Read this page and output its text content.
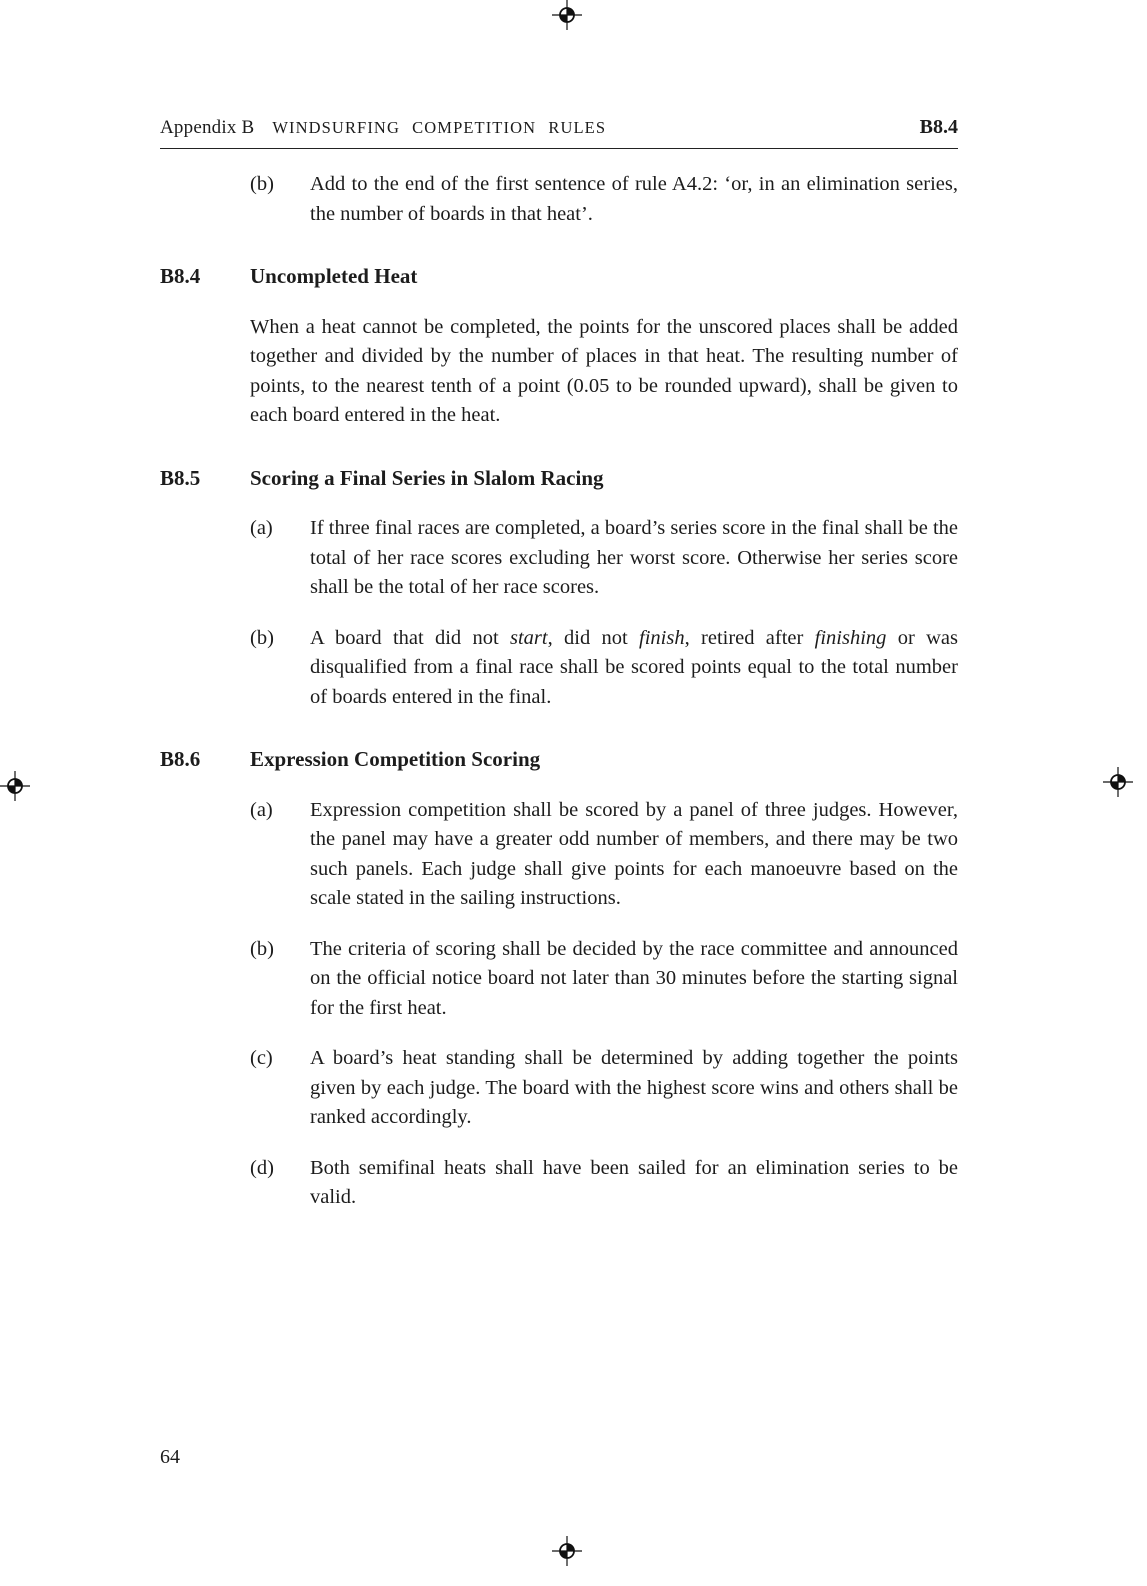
Appendix B WINDSURFING COMPETITION RULES	B8.4
(b)	Add to the end of the first sentence of rule A4.2: ‘or, in an elimination series, the number of boards in that heat’.
B8.4	Uncompleted Heat

When a heat cannot be completed, the points for the unscored places shall be added together and divided by the number of places in that heat. The resulting number of points, to the nearest tenth of a point (0.05 to be rounded upward), shall be given to each board entered in the heat.

B8.5	Scoring a Final Series in Slalom Racing
(a)	If three final races are completed, a board’s series score in the final shall be the total of her race scores excluding her worst score. Otherwise her series score shall be the total of her race scores.
(b)	A board that did not start, did not finish, retired after finishing or was disqualified from a final race shall be scored points equal to the total number of boards entered in the final.
B8.6	Expression Competition Scoring
(a)	Expression competition shall be scored by a panel of three judges. However, the panel may have a greater odd number of members, and there may be two such panels. Each judge shall give points for each manoeuvre based on the scale stated in the sailing instructions.
(b)	The criteria of scoring shall be decided by the race committee and announced on the official notice board not later than 30 minutes before the starting signal for the first heat.
(c)	A board’s heat standing shall be determined by adding together the points given by each judge. The board with the highest score wins and others shall be ranked accordingly.
(d)	Both semifinal heats shall have been sailed for an elimination series to be valid.
64
